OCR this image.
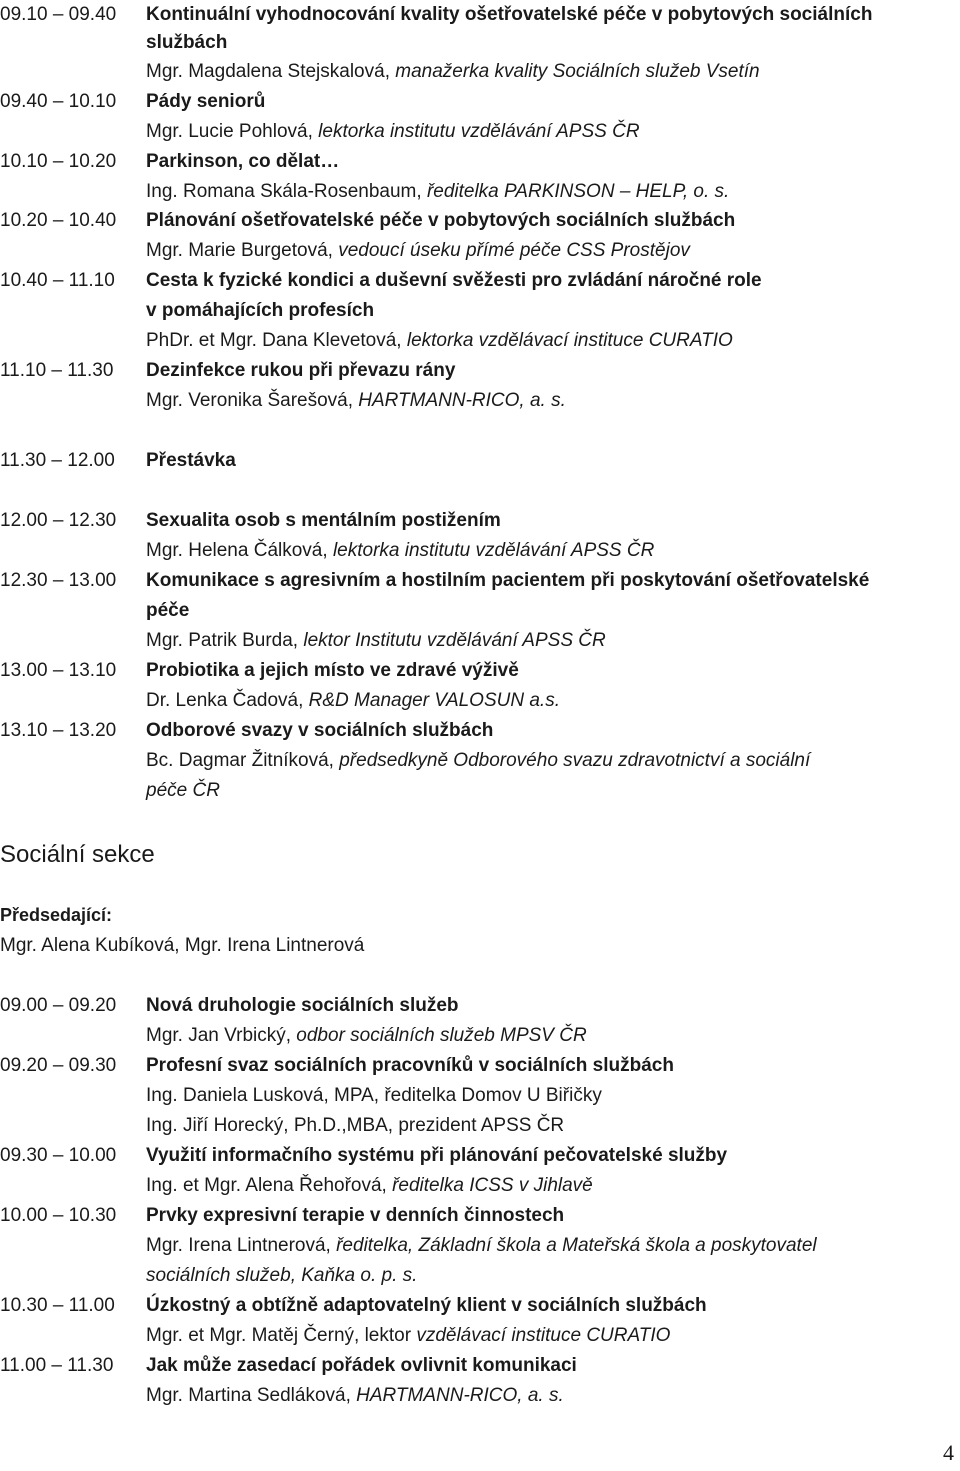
09.10 – 09.40	Kontinuální vyhodnocování kvality ošetřovatelské péče v pobytových sociálních
službách
Mgr. Magdalena Stejskalová, manažerka kvality Sociálních služeb Vsetín
09.40 – 10.10	Pády seniorů
Mgr. Lucie Pohlová, lektorka institutu vzdělávání APSS ČR
10.10 – 10.20	Parkinson, co dělat…
Ing. Romana Skála-Rosenbaum, ředitelka PARKINSON – HELP, o. s.
10.20 – 10.40	Plánování ošetřovatelské péče v pobytových sociálních službách
Mgr. Marie Burgetová, vedoucí úseku přímé péče CSS Prostějov
10.40 – 11.10	Cesta k fyzické kondici a duševní svěžesti pro zvládání náročné role
v pomáhajících profesích
PhDr. et Mgr. Dana Klevetová, lektorka vzdělávací instituce CURATIO
11.10 – 11.30	Dezinfekce rukou při převazu rány
Mgr. Veronika Šarešová, HARTMANN-RICO, a. s.
11.30 – 12.00	Přestávka
12.00 – 12.30	Sexualita osob s mentálním postižením
Mgr. Helena Čálková, lektorka institutu vzdělávání APSS ČR
12.30 – 13.00	Komunikace s agresivním a hostilním pacientem při poskytování ošetřovatelské
péče
Mgr. Patrik Burda, lektor Institutu vzdělávání APSS ČR
13.00 – 13.10	Probiotika a jejich místo ve zdravé výživě
Dr. Lenka Čadová, R&D Manager VALOSUN a.s.
13.10 – 13.20	Odborové svazy v sociálních službách
Bc. Dagmar Žitníková, předsedkyně Odborového svazu zdravotnictví a sociální
péče ČR
Sociální sekce
Předsedající:
Mgr. Alena Kubíková, Mgr. Irena Lintnerová
09.00 – 09.20	Nová druhologie sociálních služeb
Mgr. Jan Vrbický, odbor sociálních služeb MPSV ČR
09.20 – 09.30	Profesní svaz sociálních pracovníků v sociálních službách
Ing. Daniela Lusková, MPA, ředitelka Domov U Biřičky
Ing. Jiří Horecký, Ph.D.,MBA, prezident APSS ČR
09.30 – 10.00	Využití informačního systému při plánování pečovatelské služby
Ing. et Mgr. Alena Řehořová, ředitelka ICSS v Jihlavě
10.00 – 10.30	Prvky expresivní terapie v denních činnostech
Mgr. Irena Lintnerová, ředitelka, Základní škola a Mateřská škola a poskytovatel
sociálních služeb, Kaňka o. p. s.
10.30 – 11.00	Úzkostný a obtížně adaptovatelný klient v sociálních službách
Mgr. et Mgr. Matěj Černý, lektor vzdělávací instituce CURATIO
11.00 – 11.30	Jak může zasedací pořádek ovlivnit komunikaci
Mgr. Martina Sedláková, HARTMANN-RICO, a. s.
4
